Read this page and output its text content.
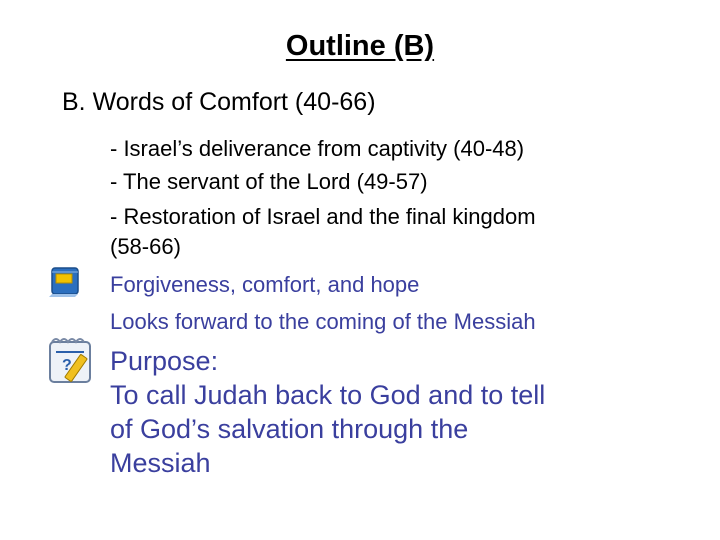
Outline (B)
B. Words of Comfort (40-66)
- Israel’s deliverance from captivity (40-48)
- The servant of the Lord (49-57)
- Restoration of Israel and the final kingdom
(58-66)
Forgiveness, comfort, and hope
Looks forward to the coming of the Messiah
? Purpose:
To call Judah back to God and to tell
of God’s salvation through the
Messiah
